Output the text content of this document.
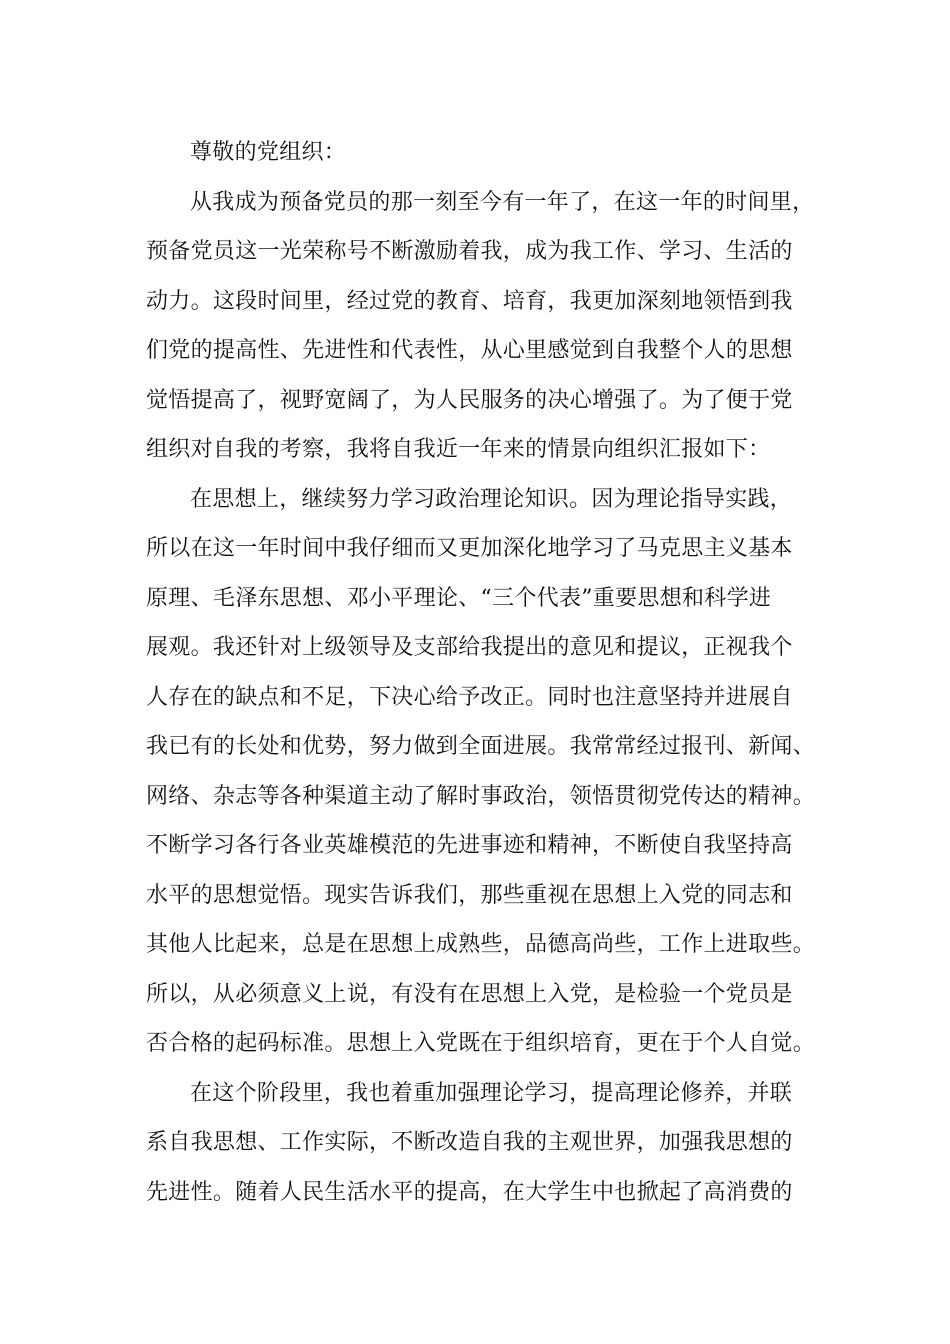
尊敬的党组织：
从我成为预备党员的那一刻至今有一年了，在这一年的时间里，
预备党员这一光荣称号不断激励着我，成为我工作、学习、生活的
动力。这段时间里，经过党的教育、培育，我更加深刻地领悟到我
们党的提高性、先进性和代表性，从心里感觉到自我整个人的思想
觉悟提高了，视野宽阔了，为人民服务的决心增强了。为了便于党
组织对自我的考察，我将自我近一年来的情景向组织汇报如下：
在思想上，继续努力学习政治理论知识。因为理论指导实践，
所以在这一年时间中我仔细而又更加深化地学习了马克思主义基本
原理、毛泽东思想、邓小平理论、“三个代表”重要思想和科学进
展观。我还针对上级领导及支部给我提出的意见和提议，正视我个
人存在的缺点和不足，下决心给予改正。同时也注意坚持并进展自
我已有的长处和优势，努力做到全面进展。我常常经过报刊、新闻、
网络、杂志等各种渠道主动了解时事政治，领悟贯彻党传达的精神。
不断学习各行各业英雄模范的先进事迹和精神，不断使自我坚持高
水平的思想觉悟。现实告诉我们，那些重视在思想上入党的同志和
其他人比起来，总是在思想上成熟些，品德高尚些，工作上进取些。
所以，从必须意义上说，有没有在思想上入党，是检验一个党员是
否合格的起码标准。思想上入党既在于组织培育，更在于个人自觉。
在这个阶段里，我也着重加强理论学习，提高理论修养，并联
系自我思想、工作实际，不断改造自我的主观世界，加强我思想的
先进性。随着人民生活水平的提高，在大学生中也掀起了高消费的
